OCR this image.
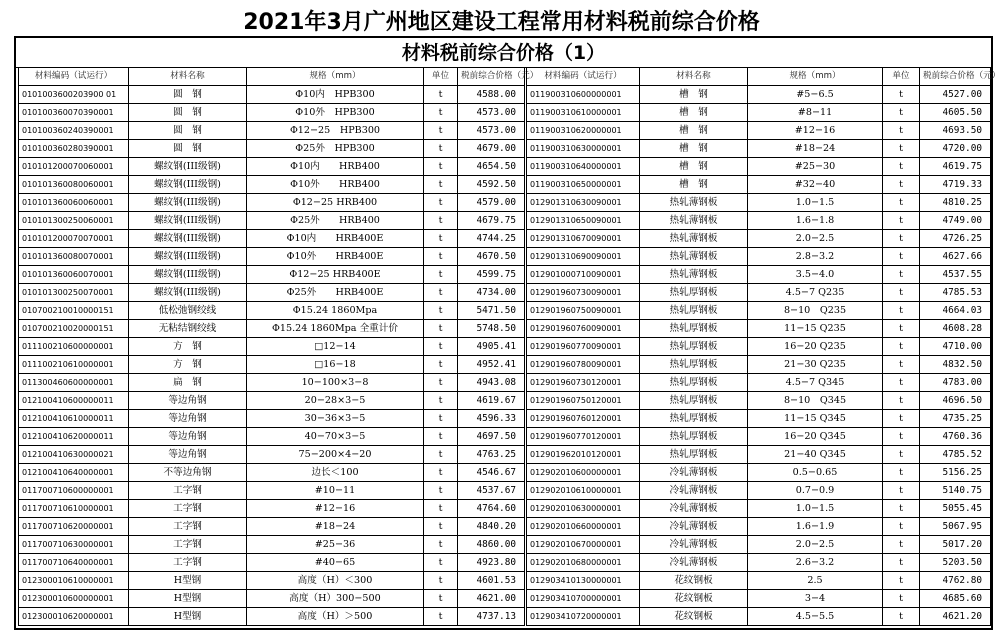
2021年3月广州地区建设工程常用材料税前综合价格
材料税前综合价格（1）
材料编码（试运行）	材料名称	规格（mm）	单位	税前综合价格（元）
0101003600203900 01	圆　钢	Φ10内　HPB300	t	4588.00
010100360070390001	圆　钢	Φ10外　HPB300	t	4573.00
010100360240390001	圆　钢	Φ12−25　HPB300	t	4573.00
010100360280390001	圆　钢	Φ25外　HPB300	t	4679.00
010101200070060001	螺纹钢(III级钢)	Φ10内　　HRB400	t	4654.50
010101360080060001	螺纹钢(III级钢)	Φ10外　　HRB400	t	4592.50
010101360060060001	螺纹钢(III级钢)	Φ12−25 HRB400	t	4579.00
010101300250060001	螺纹钢(III级钢)	Φ25外　　HRB400	t	4679.75
010101200070070001	螺纹钢(III级钢)	Φ10内　　HRB400E	t	4744.25
010101360080070001	螺纹钢(III级钢)	Φ10外　　HRB400E	t	4670.50
010101360060070001	螺纹钢(III级钢)	Φ12−25 HRB400E	t	4599.75
010101300250070001	螺纹钢(III级钢)	Φ25外　　HRB400E	t	4734.00
010700210010000151	低松弛钢绞线	Φ15.24 1860Mpa	t	5471.50
010700210020000151	无粘结钢绞线	Φ15.24 1860Mpa 全重计价	t	5748.50
011100210600000001	方　钢	□12−14	t	4905.41
011100210610000001	方　钢	□16−18	t	4952.41
011300460600000001	扁　钢	10−100×3−8	t	4943.08
012100410600000011	等边角钢	20−28×3−5	t	4619.67
012100410610000011	等边角钢	30−36×3−5	t	4596.33
012100410620000011	等边角钢	40−70×3−5	t	4697.50
012100410630000021	等边角钢	75−200×4−20	t	4763.25
012100410640000001	不等边角钢	边长＜100	t	4546.67
011700710600000001	工字钢	#10−11	t	4537.67
011700710610000001	工字钢	#12−16	t	4764.60
011700710620000001	工字钢	#18−24	t	4840.20
011700710630000001	工字钢	#25−36	t	4860.00
011700710640000001	工字钢	#40−65	t	4923.80
012300010610000001	H型钢	高度（H）＜300	t	4601.53
012300010600000001	H型钢	高度（H）300−500	t	4621.00
012300010620000001	H型钢	高度（H）＞500	t	4737.13
材料编码（试运行）	材料名称	规格（mm）	单位	税前综合价格（元）
011900310600000001	槽　钢	#5−6.5	t	4527.00
011900310610000001	槽　钢	#8−11	t	4605.50
011900310620000001	槽　钢	#12−16	t	4693.50
011900310630000001	槽　钢	#18−24	t	4720.00
011900310640000001	槽　钢	#25−30	t	4619.75
011900310650000001	槽　钢	#32−40	t	4719.33
012901310630090001	热轧薄钢板	1.0−1.5	t	4810.25
012901310650090001	热轧薄钢板	1.6−1.8	t	4749.00
012901310670090001	热轧薄钢板	2.0−2.5	t	4726.25
012901310690090001	热轧薄钢板	2.8−3.2	t	4627.66
012901000710090001	热轧薄钢板	3.5−4.0	t	4537.55
012901960730090001	热轧厚钢板	4.5−7 Q235	t	4785.53
012901960750090001	热轧厚钢板	8−10　Q235	t	4664.03
012901960760090001	热轧厚钢板	11−15 Q235	t	4608.28
012901960770090001	热轧厚钢板	16−20 Q235	t	4710.00
012901960780090001	热轧厚钢板	21−30 Q235	t	4832.50
012901960730120001	热轧厚钢板	4.5−7 Q345	t	4783.00
012901960750120001	热轧厚钢板	8−10　Q345	t	4696.50
012901960760120001	热轧厚钢板	11−15 Q345	t	4735.25
012901960770120001	热轧厚钢板	16−20 Q345	t	4760.36
012901962010120001	热轧厚钢板	21−40 Q345	t	4785.52
012902010600000001	冷轧薄钢板	0.5−0.65	t	5156.25
012902010610000001	冷轧薄钢板	0.7−0.9	t	5140.75
012902010630000001	冷轧薄钢板	1.0−1.5	t	5055.45
012902010660000001	冷轧薄钢板	1.6−1.9	t	5067.95
012902010670000001	冷轧薄钢板	2.0−2.5	t	5017.20
012902010680000001	冷轧薄钢板	2.6−3.2	t	5203.50
012903410130000001	花纹钢板	2.5	t	4762.80
012903410700000001	花纹钢板	3−4	t	4685.60
012903410720000001	花纹钢板	4.5−5.5	t	4621.20
